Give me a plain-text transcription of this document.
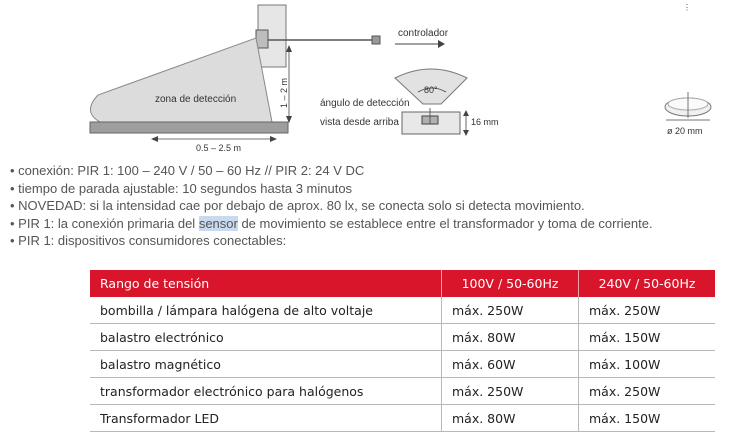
controlador
zona de detección	1 – 2 m
0.5 – 2.5 m
80°
ángulo de detección
vista desde arriba	16 mm
ø 20 mm
⋮
• conexión: PIR 1: 100 – 240 V / 50 – 60 Hz // PIR 2: 24 V DC
• tiempo de parada ajustable: 10 segundos hasta 3 minutos
• NOVEDAD: si la intensidad cae por debajo de aprox. 80 lx, se conecta solo si detecta movimiento.
• PIR 1: la conexión primaria del sensor de movimiento se establece entre el transformador y toma de corriente.
• PIR 1: dispositivos consumidores conectables:
Rango de tensión	100V / 50-60Hz	240V / 50-60Hz
bombilla / lámpara halógena de alto voltaje	máx. 250W	máx. 250W
balastro electrónico	máx. 80W	máx. 150W
balastro magnético	máx. 60W	máx. 100W
transformador electrónico para halógenos	máx. 250W	máx. 250W
Transformador LED	máx. 80W	máx. 150W
